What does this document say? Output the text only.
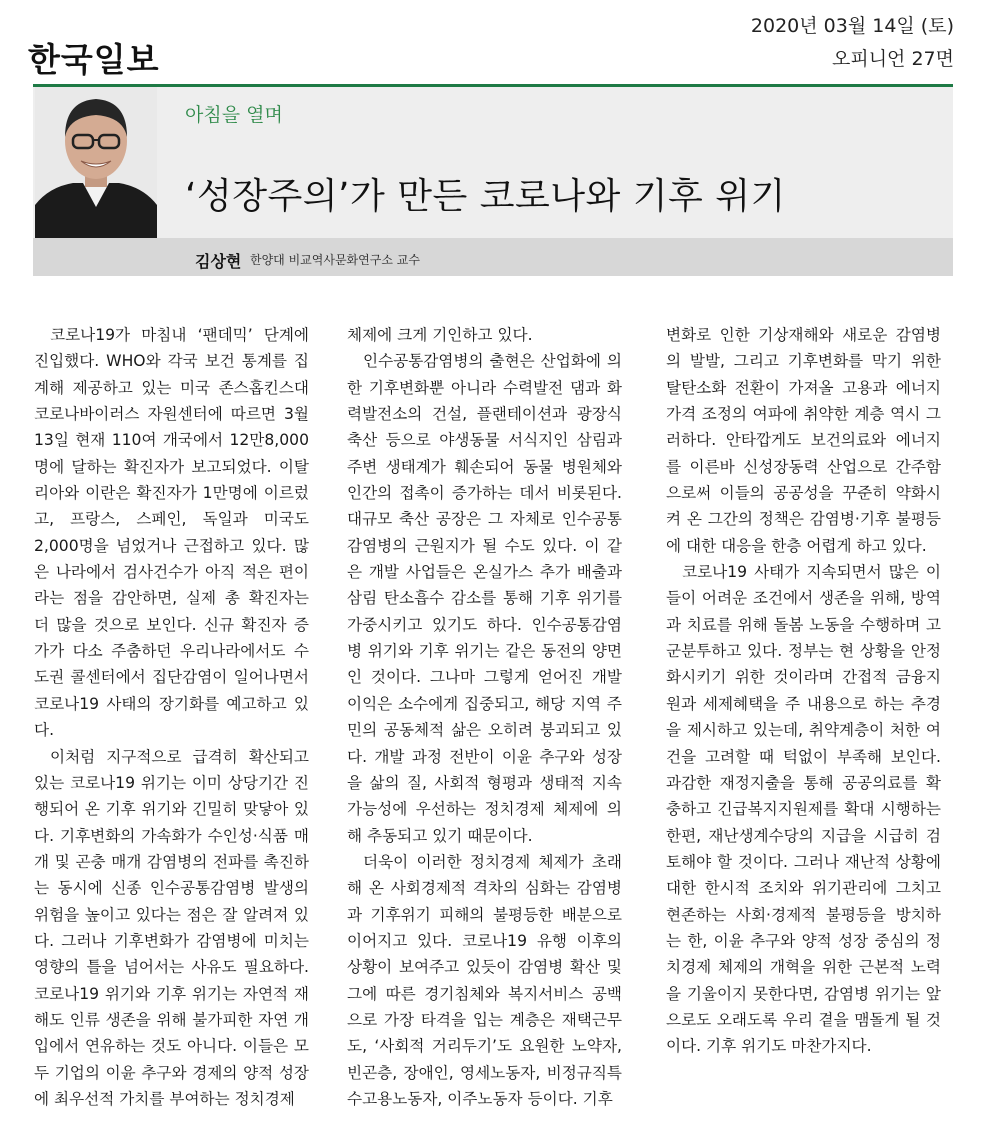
한국일보
2020년 03월 14일 (토)
오피니언 27면
아침을 열며
‘성장주의’가 만든 코로나와 기후 위기
김상현 한양대 비교역사문화연구소 교수

코로나19가 마침내 ‘팬데믹’ 단계에 진입했다. WHO와 각국 보건 통계를 집계해 제공하고 있는 미국 존스홉킨스대 코로나바이러스 자원센터에 따르면 3월 13일 현재 110여 개국에서 12만8,000명에 달하는 확진자가 보고되었다. 이탈리아와 이란은 확진자가 1만명에 이르렀고, 프랑스, 스페인, 독일과 미국도 2,000명을 넘었거나 근접하고 있다. 많은 나라에서 검사건수가 아직 적은 편이라는 점을 감안하면, 실제 총 확진자는 더 많을 것으로 보인다. 신규 확진자 증가가 다소 주춤하던 우리나라에서도 수도권 콜센터에서 집단감염이 일어나면서 코로나19 사태의 장기화를 예고하고 있다.

이처럼 지구적으로 급격히 확산되고 있는 코로나19 위기는 이미 상당기간 진행되어 온 기후 위기와 긴밀히 맞닿아 있다. 기후변화의 가속화가 수인성·식품 매개 및 곤충 매개 감염병의 전파를 촉진하는 동시에 신종 인수공통감염병 발생의 위험을 높이고 있다는 점은 잘 알려져 있다. 그러나 기후변화가 감염병에 미치는 영향의 틀을 넘어서는 사유도 필요하다. 코로나19 위기와 기후 위기는 자연적 재해도 인류 생존을 위해 불가피한 자연 개입에서 연유하는 것도 아니다. 이들은 모두 기업의 이윤 추구와 경제의 양적 성장에 최우선적 가치를 부여하는 정치경제

체제에 크게 기인하고 있다.

인수공통감염병의 출현은 산업화에 의한 기후변화뿐 아니라 수력발전 댐과 화력발전소의 건설, 플랜테이션과 광장식 축산 등으로 야생동물 서식지인 삼림과 주변 생태계가 훼손되어 동물 병원체와 인간의 접촉이 증가하는 데서 비롯된다. 대규모 축산 공장은 그 자체로 인수공통감염병의 근원지가 될 수도 있다. 이 같은 개발 사업들은 온실가스 추가 배출과 삼림 탄소흡수 감소를 통해 기후 위기를 가중시키고 있기도 하다. 인수공통감염병 위기와 기후 위기는 같은 동전의 양면인 것이다. 그나마 그렇게 얻어진 개발 이익은 소수에게 집중되고, 해당 지역 주민의 공동체적 삶은 오히려 붕괴되고 있다. 개발 과정 전반이 이윤 추구와 성장을 삶의 질, 사회적 형평과 생태적 지속가능성에 우선하는 정치경제 체제에 의해 추동되고 있기 때문이다.

더욱이 이러한 정치경제 체제가 초래해 온 사회경제적 격차의 심화는 감염병과 기후위기 피해의 불평등한 배분으로 이어지고 있다. 코로나19 유행 이후의 상황이 보여주고 있듯이 감염병 확산 및 그에 따른 경기침체와 복지서비스 공백으로 가장 타격을 입는 계층은 재택근무도, ‘사회적 거리두기’도 요원한 노약자, 빈곤층, 장애인, 영세노동자, 비정규직특수고용노동자, 이주노동자 등이다. 기후

변화로 인한 기상재해와 새로운 감염병의 발발, 그리고 기후변화를 막기 위한 탈탄소화 전환이 가져올 고용과 에너지 가격 조정의 여파에 취약한 계층 역시 그러하다. 안타깝게도 보건의료와 에너지를 이른바 신성장동력 산업으로 간주함으로써 이들의 공공성을 꾸준히 약화시켜 온 그간의 정책은 감염병·기후 불평등에 대한 대응을 한층 어렵게 하고 있다.

코로나19 사태가 지속되면서 많은 이들이 어려운 조건에서 생존을 위해, 방역과 치료를 위해 돌봄 노동을 수행하며 고군분투하고 있다. 정부는 현 상황을 안정화시키기 위한 것이라며 간접적 금융지원과 세제혜택을 주 내용으로 하는 추경을 제시하고 있는데, 취약계층이 처한 여건을 고려할 때 턱없이 부족해 보인다. 과감한 재정지출을 통해 공공의료를 확충하고 긴급복지지원제를 확대 시행하는 한편, 재난생계수당의 지급을 시급히 검토해야 할 것이다. 그러나 재난적 상황에 대한 한시적 조치와 위기관리에 그치고 현존하는 사회·경제적 불평등을 방치하는 한, 이윤 추구와 양적 성장 중심의 정치경제 체제의 개혁을 위한 근본적 노력을 기울이지 못한다면, 감염병 위기는 앞으로도 오래도록 우리 곁을 맴돌게 될 것이다. 기후 위기도 마찬가지다.
